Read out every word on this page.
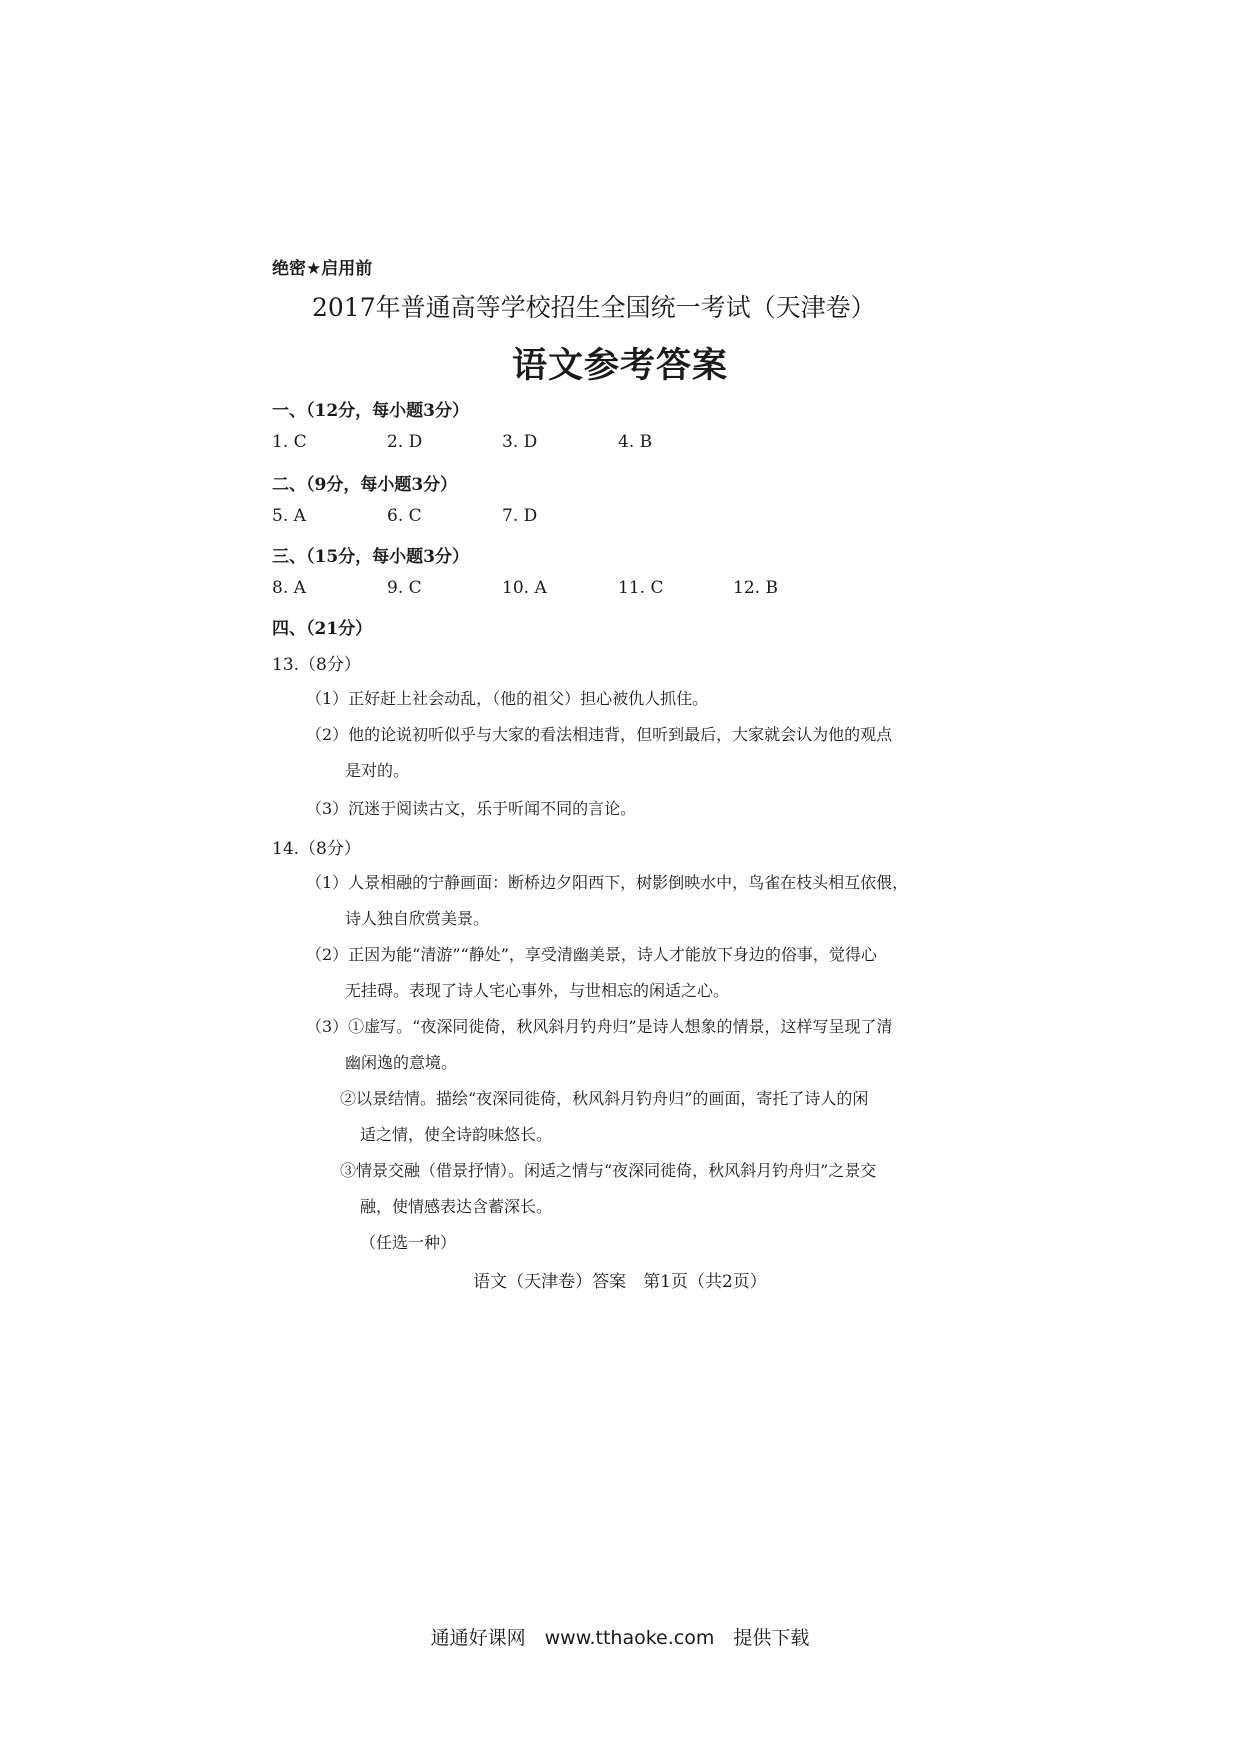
绝密★启用前
2017年普通高等学校招生全国统一考试（天津卷）
语文参考答案
一、（12分，每小题3分）
1. C	2. D	3. D	4. B
二、（9分，每小题3分）
5. A	6. C	7. D
三、（15分，每小题3分）
8. A	9. C	10. A	11. C	12. B
四、（21分）
13.（8分）
（1）正好赶上社会动乱，（他的祖父）担心被仇人抓住。
（2）他的论说初听似乎与大家的看法相违背，但听到最后，大家就会认为他的观点
是对的。
（3）沉迷于阅读古文，乐于听闻不同的言论。
14.（8分）
（1）人景相融的宁静画面：断桥边夕阳西下，树影倒映水中，鸟雀在枝头相互依偎，
诗人独自欣赏美景。
（2）正因为能“清游”“静处”，享受清幽美景，诗人才能放下身边的俗事，觉得心
无挂碍。表现了诗人宅心事外，与世相忘的闲适之心。
（3）①虚写。“夜深同徙倚，秋风斜月钓舟归”是诗人想象的情景，这样写呈现了清
幽闲逸的意境。
②以景结情。描绘“夜深同徙倚，秋风斜月钓舟归”的画面，寄托了诗人的闲
适之情，使全诗韵味悠长。
③情景交融（借景抒情）。闲适之情与“夜深同徙倚，秋风斜月钓舟归”之景交
融，使情感表达含蓄深长。
（任选一种）
语文（天津卷）答案　第1页（共2页）
通通好课网　www.tthaoke.com　提供下载
